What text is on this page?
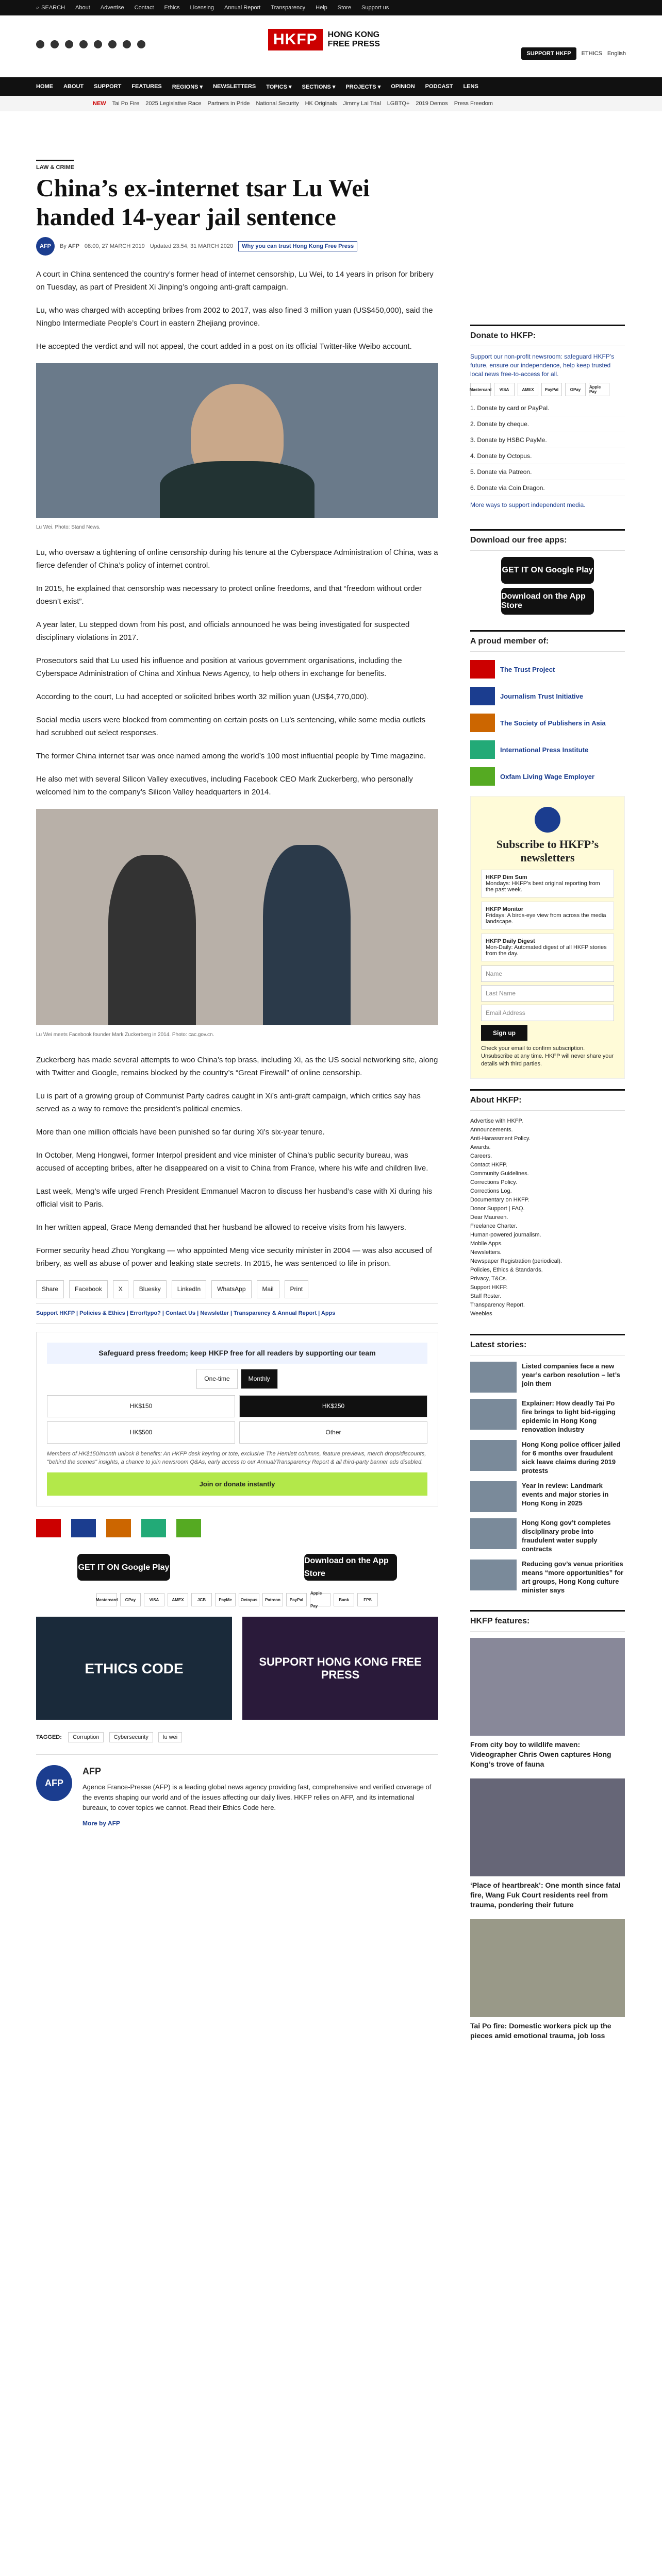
⌕ SEARCH About Advertise Contact Ethics Licensing Annual Report Transparency Help Store Support us
HKFP	HONG KONG
FREE PRESS
SUPPORT HKFP	ETHICS English
HOME ABOUT SUPPORT FEATURES REGIONS ▾ NEWSLETTERS TOPICS ▾ SECTIONS ▾ PROJECTS ▾ OPINION PODCAST LENS
NEW Tai Po Fire 2025 Legislative Race Partners in Pride National Security HK Originals Jimmy Lai Trial LGBTQ+ 2019 Demos Press Freedom
LAW & CRIME
China’s ex-internet tsar Lu Wei handed 14-year jail sentence
AFP	By AFP 08:00, 27 MARCH 2019 Updated 23:54, 31 MARCH 2020	Why you can trust Hong Kong Free Press

A court in China sentenced the country’s former head of internet censorship, Lu Wei, to 14 years in prison for bribery on Tuesday, as part of President Xi Jinping’s ongoing anti-graft campaign.

Lu, who was charged with accepting bribes from 2002 to 2017, was also fined 3 million yuan (US$450,000), said the Ningbo Intermediate People’s Court in eastern Zhejiang province.

He accepted the verdict and will not appeal, the court added in a post on its official Twitter-like Weibo account.

Lu Wei. Photo: Stand News.

Lu, who oversaw a tightening of online censorship during his tenure at the Cyberspace Administration of China, was a fierce defender of China’s policy of internet control.

In 2015, he explained that censorship was necessary to protect online freedoms, and that “freedom without order doesn’t exist”.

A year later, Lu stepped down from his post, and officials announced he was being investigated for suspected disciplinary violations in 2017.

Prosecutors said that Lu used his influence and position at various government organisations, including the Cyberspace Administration of China and Xinhua News Agency, to help others in exchange for benefits.

According to the court, Lu had accepted or solicited bribes worth 32 million yuan (US$4,770,000).

Social media users were blocked from commenting on certain posts on Lu’s sentencing, while some media outlets had scrubbed out select responses.

The former China internet tsar was once named among the world’s 100 most influential people by Time magazine.

He also met with several Silicon Valley executives, including Facebook CEO Mark Zuckerberg, who personally welcomed him to the company’s Silicon Valley headquarters in 2014.

Lu Wei meets Facebook founder Mark Zuckerberg in 2014. Photo: cac.gov.cn.

Zuckerberg has made several attempts to woo China’s top brass, including Xi, as the US social networking site, along with Twitter and Google, remains blocked by the country’s “Great Firewall” of online censorship.

Lu is part of a growing group of Communist Party cadres caught in Xi’s anti-graft campaign, which critics say has served as a way to remove the president’s political enemies.

More than one million officials have been punished so far during Xi’s six-year tenure.

In October, Meng Hongwei, former Interpol president and vice minister of China’s public security bureau, was accused of accepting bribes, after he disappeared on a visit to China from France, where his wife and children live.

Last week, Meng’s wife urged French President Emmanuel Macron to discuss her husband’s case with Xi during his official visit to Paris.

In her written appeal, Grace Meng demanded that her husband be allowed to receive visits from his lawyers.

Former security head Zhou Yongkang — who appointed Meng vice security minister in 2004 — was also accused of bribery, as well as abuse of power and leaking state secrets. In 2015, he was sentenced to life in prison.

Share	Facebook	X	Bluesky	LinkedIn	WhatsApp	Mail	Print
Support HKFP | Policies & Ethics | Error/typo? | Contact Us | Newsletter | Transparency & Annual Report | Apps
Safeguard press freedom; keep HKFP free for all readers by supporting our team
One-time	Monthly
HK$150	HK$250
HK$500	Other
Members of HK$150/month unlock 8 benefits: An HKFP desk keyring or tote, exclusive The Hemlett columns, feature previews, merch drops/discounts, "behind the scenes" insights, a chance to join newsroom Q&As, early access to our Annual/Transparency Report & all third-party banner ads disabled.
Join or donate instantly
GET IT ON Google Play
Download on the App Store
Mastercard	GPay	VISA	AMEX	JCB	PayMe	Octopus	Patreon	PayPal
Apple Pay
Bank	FPS
ETHICS CODE	SUPPORT HONG KONG FREE PRESS
TAGGED: Corruption	Cybersecurity	lu wei
AFP
AFP
Agence France-Presse (AFP) is a leading global news agency providing fast, comprehensive and verified coverage of the events shaping our world and of the issues affecting our daily lives. HKFP relies on AFP, and its international bureaux, to cover topics we cannot. Read their Ethics Code here.
More by AFP
Donate to HKFP:
Support our non-profit newsroom: safeguard HKFP’s future, ensure our independence, help keep trusted local news free-to-access for all.
Mastercard	VISA	AMEX	PayPal	GPay	Apple Pay
1. Donate by card or PayPal.
2. Donate by cheque.
3. Donate by HSBC PayMe.
4. Donate by Octopus.
5. Donate via Patreon.
6. Donate via Coin Dragon.
More ways to support independent media.
Download our free apps:
GET IT ON Google Play
Download on the App Store
A proud member of:
The Trust Project
Journalism Trust Initiative
The Society of Publishers in Asia
International Press Institute
Oxfam Living Wage Employer
Subscribe to HKFP’s newsletters
HKFP Dim Sum
Mondays: HKFP’s best original reporting from the past week.
HKFP Monitor
Fridays: A birds-eye view from across the media landscape.
HKFP Daily Digest
Mon-Daily: Automated digest of all HKFP stories from the day.
Name
Last Name
Email Address
Sign up
Check your email to confirm subscription. Unsubscribe at any time. HKFP will never share your details with third parties.
About HKFP:
Advertise with HKFP.
Announcements.
Anti-Harassment Policy.
Awards.
Careers.
Contact HKFP.
Community Guidelines.
Corrections Policy.
Corrections Log.
Documentary on HKFP.
Donor Support | FAQ.
Dear Maureen.
Freelance Charter.
Human-powered journalism.
Mobile Apps.
Newsletters.
Newspaper Registration (periodical).
Policies, Ethics & Standards.
Privacy, T&Cs.
Support HKFP.
Staff Roster.
Transparency Report.
Weebles
Latest stories:
Listed companies face a new year’s carbon resolution – let’s join them
Explainer: How deadly Tai Po fire brings to light bid-rigging epidemic in Hong Kong renovation industry
Hong Kong police officer jailed for 6 months over fraudulent sick leave claims during 2019 protests
Year in review: Landmark events and major stories in Hong Kong in 2025
Hong Kong gov’t completes disciplinary probe into fraudulent water supply contracts
Reducing gov’s venue priorities means “more opportunities” for art groups, Hong Kong culture minister says
HKFP features:
From city boy to wildlife maven: Videographer Chris Owen captures Hong Kong’s trove of fauna
‘Place of heartbreak’: One month since fatal fire, Wang Fuk Court residents reel from trauma, pondering their future
Tai Po fire: Domestic workers pick up the pieces amid emotional trauma, job loss
